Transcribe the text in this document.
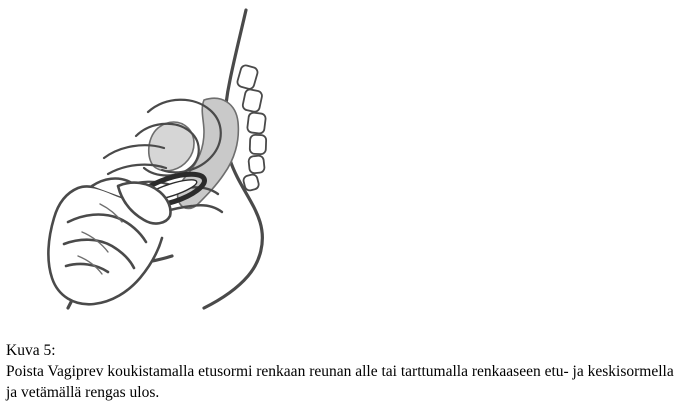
Kuva 5:
Poista Vagiprev koukistamalla etusormi renkaan reunan alle tai tarttumalla renkaaseen etu- ja keskisormella ja vetämällä rengas ulos.
